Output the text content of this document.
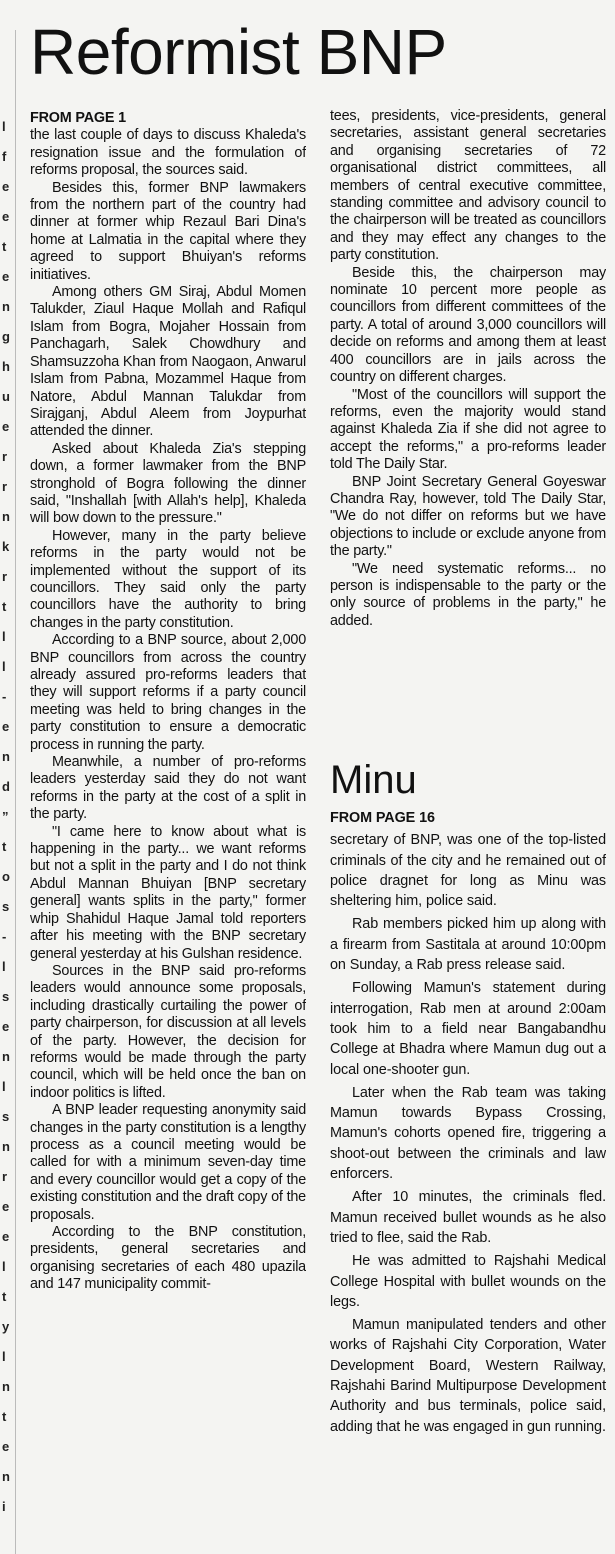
l
f
e
e
t
e
n
g
h
u
e
r
r
n
k
r
t
l
l
-
e
n
d
”
t
o
s
-
l
s
e
n
l
s
n
r
e
e
l
t
y
l
n
t
e
n
i
Reformist BNP

FROM PAGE 1

the last couple of days to discuss Khaleda's resignation issue and the formulation of reforms proposal, the sources said.

Besides this, former BNP lawmakers from the northern part of the country had dinner at former whip Rezaul Bari Dina's home at Lalmatia in the capital where they agreed to support Bhuiyan's reforms initiatives.

Among others GM Siraj, Abdul Momen Talukder, Ziaul Haque Mollah and Rafiqul Islam from Bogra, Mojaher Hossain from Panchagarh, Salek Chowdhury and Shamsuzzoha Khan from Naogaon, Anwarul Islam from Pabna, Mozammel Haque from Natore, Abdul Mannan Talukdar from Sirajganj, Abdul Aleem from Joypurhat attended the dinner.

Asked about Khaleda Zia's stepping down, a former lawmaker from the BNP stronghold of Bogra following the dinner said, "Inshallah [with Allah's help], Khaleda will bow down to the pressure."

However, many in the party believe reforms in the party would not be implemented without the support of its councillors. They said only the party councillors have the authority to bring changes in the party constitution.

According to a BNP source, about 2,000 BNP councillors from across the country already assured pro-reforms leaders that they will support reforms if a party council meeting was held to bring changes in the party constitution to ensure a democratic process in running the party.

Meanwhile, a number of pro-reforms leaders yesterday said they do not want reforms in the party at the cost of a split in the party.

"I came here to know about what is happening in the party... we want reforms but not a split in the party and I do not think Abdul Mannan Bhuiyan [BNP secretary general] wants splits in the party," former whip Shahidul Haque Jamal told reporters after his meeting with the BNP secretary general yesterday at his Gulshan residence.

Sources in the BNP said pro-reforms leaders would announce some proposals, including drastically curtailing the power of party chairperson, for discussion at all levels of the party. However, the decision for reforms would be made through the party council, which will be held once the ban on indoor politics is lifted.

A BNP leader requesting anonymity said changes in the party constitution is a lengthy process as a council meeting would be called for with a minimum seven-day time and every councillor would get a copy of the existing constitution and the draft copy of the proposals.

According to the BNP constitution, presidents, general secretaries and organising secretaries of each 480 upazila and 147 municipality commit-

tees, presidents, vice-presidents, general secretaries, assistant general secretaries and organising secretaries of 72 organisational district committees, all members of central executive committee, standing committee and advisory council to the chairperson will be treated as councillors and they may effect any changes to the party constitution.

Beside this, the chairperson may nominate 10 percent more people as councillors from different committees of the party. A total of around 3,000 councillors will decide on reforms and among them at least 400 councillors are in jails across the country on different charges.

"Most of the councillors will support the reforms, even the majority would stand against Khaleda Zia if she did not agree to accept the reforms," a pro-reforms leader told The Daily Star.

BNP Joint Secretary General Goyeswar Chandra Ray, however, told The Daily Star, "We do not differ on reforms but we have objections to include or exclude anyone from the party."

"We need systematic reforms... no person is indispensable to the party or the only source of problems in the party," he added.

Minu

FROM PAGE 16

secretary of BNP, was one of the top-listed criminals of the city and he remained out of police dragnet for long as Minu was sheltering him, police said.

Rab members picked him up along with a firearm from Sastitala at around 10:00pm on Sunday, a Rab press release said.

Following Mamun's statement during interrogation, Rab men at around 2:00am took him to a field near Bangabandhu College at Bhadra where Mamun dug out a local one-shooter gun.

Later when the Rab team was taking Mamun towards Bypass Crossing, Mamun's cohorts opened fire, triggering a shoot-out between the criminals and law enforcers.

After 10 minutes, the criminals fled. Mamun received bullet wounds as he also tried to flee, said the Rab.

He was admitted to Rajshahi Medical College Hospital with bullet wounds on the legs.

Mamun manipulated tenders and other works of Rajshahi City Corporation, Water Development Board, Western Railway, Rajshahi Barind Multipurpose Development Authority and bus terminals, police said, adding that he was engaged in gun running.
